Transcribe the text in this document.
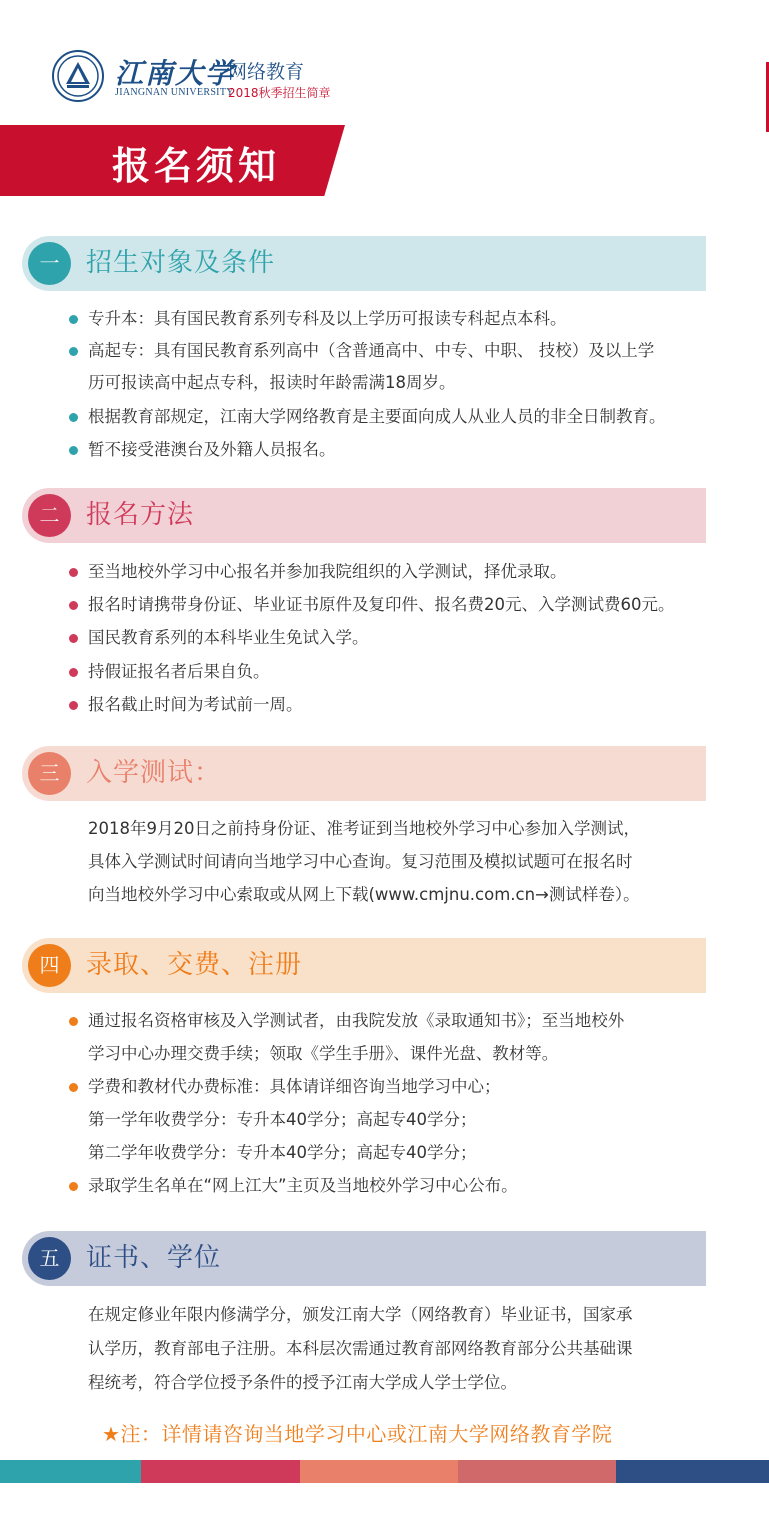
江南大学
JIANGNAN UNIVERSITY
网络教育
2018秋季招生简章
报名须知
一	招生对象及条件
专升本：具有国民教育系列专科及以上学历可报读专科起点本科。
高起专：具有国民教育系列高中（含普通高中、中专、中职、 技校）及以上学
历可报读高中起点专科，报读时年龄需满18周岁。
根据教育部规定，江南大学网络教育是主要面向成人从业人员的非全日制教育。
暂不接受港澳台及外籍人员报名。
二	报名方法
至当地校外学习中心报名并参加我院组织的入学测试，择优录取。
报名时请携带身份证、毕业证书原件及复印件、报名费20元、入学测试费60元。
国民教育系列的本科毕业生免试入学。
持假证报名者后果自负。
报名截止时间为考试前一周。
三	入学测试：
2018年9月20日之前持身份证、准考证到当地校外学习中心参加入学测试，
具体入学测试时间请向当地学习中心查询。复习范围及模拟试题可在报名时
向当地校外学习中心索取或从网上下载(www.cmjnu.com.cn→测试样卷）。
四	录取、交费、注册
通过报名资格审核及入学测试者，由我院发放《录取通知书》；至当地校外
学习中心办理交费手续；领取《学生手册》、课件光盘、教材等。
学费和教材代办费标准：具体请详细咨询当地学习中心；
第一学年收费学分：专升本40学分；高起专40学分；
第二学年收费学分：专升本40学分；高起专40学分；
录取学生名单在“网上江大”主页及当地校外学习中心公布。
五	证书、学位
在规定修业年限内修满学分，颁发江南大学（网络教育）毕业证书，国家承
认学历，教育部电子注册。本科层次需通过教育部网络教育部分公共基础课
程统考，符合学位授予条件的授予江南大学成人学士学位。
★注：详情请咨询当地学习中心或江南大学网络教育学院
